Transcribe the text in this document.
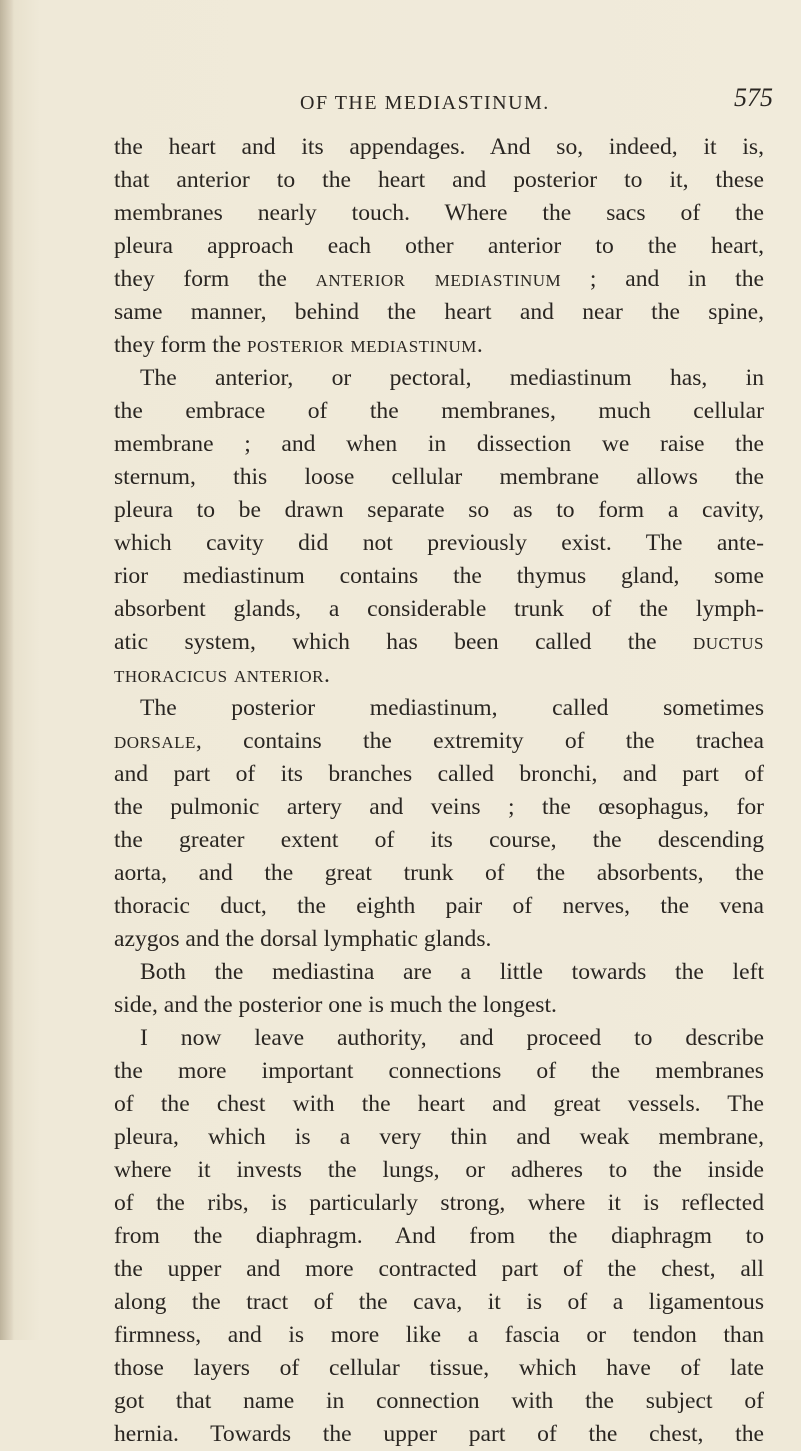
OF THE MEDIASTINUM.	575
the heart and its appendages. And so, indeed, it is,
that anterior to the heart and posterior to it, these
membranes nearly touch. Where the sacs of the
pleura approach each other anterior to the heart,
they form the anterior mediastinum ; and in the
same manner, behind the heart and near the spine,
they form the posterior mediastinum.
The anterior, or pectoral, mediastinum has, in
the embrace of the membranes, much cellular
membrane ; and when in dissection we raise the
sternum, this loose cellular membrane allows the
pleura to be drawn separate so as to form a cavity,
which cavity did not previously exist. The ante-
rior mediastinum contains the thymus gland, some
absorbent glands, a considerable trunk of the lymph-
atic system, which has been called the ductus
thoracicus anterior.
The posterior mediastinum, called sometimes
dorsale, contains the extremity of the trachea
and part of its branches called bronchi, and part of
the pulmonic artery and veins ; the œsophagus, for
the greater extent of its course, the descending
aorta, and the great trunk of the absorbents, the
thoracic duct, the eighth pair of nerves, the vena
azygos and the dorsal lymphatic glands.
Both the mediastina are a little towards the left
side, and the posterior one is much the longest.
I now leave authority, and proceed to describe
the more important connections of the membranes
of the chest with the heart and great vessels. The
pleura, which is a very thin and weak membrane,
where it invests the lungs, or adheres to the inside
of the ribs, is particularly strong, where it is reflected
from the diaphragm. And from the diaphragm to
the upper and more contracted part of the chest, all
along the tract of the cava, it is of a ligamentous
firmness, and is more like a fascia or tendon than
those layers of cellular tissue, which have of late
got that name in connection with the subject of
hernia. Towards the upper part of the chest, the
